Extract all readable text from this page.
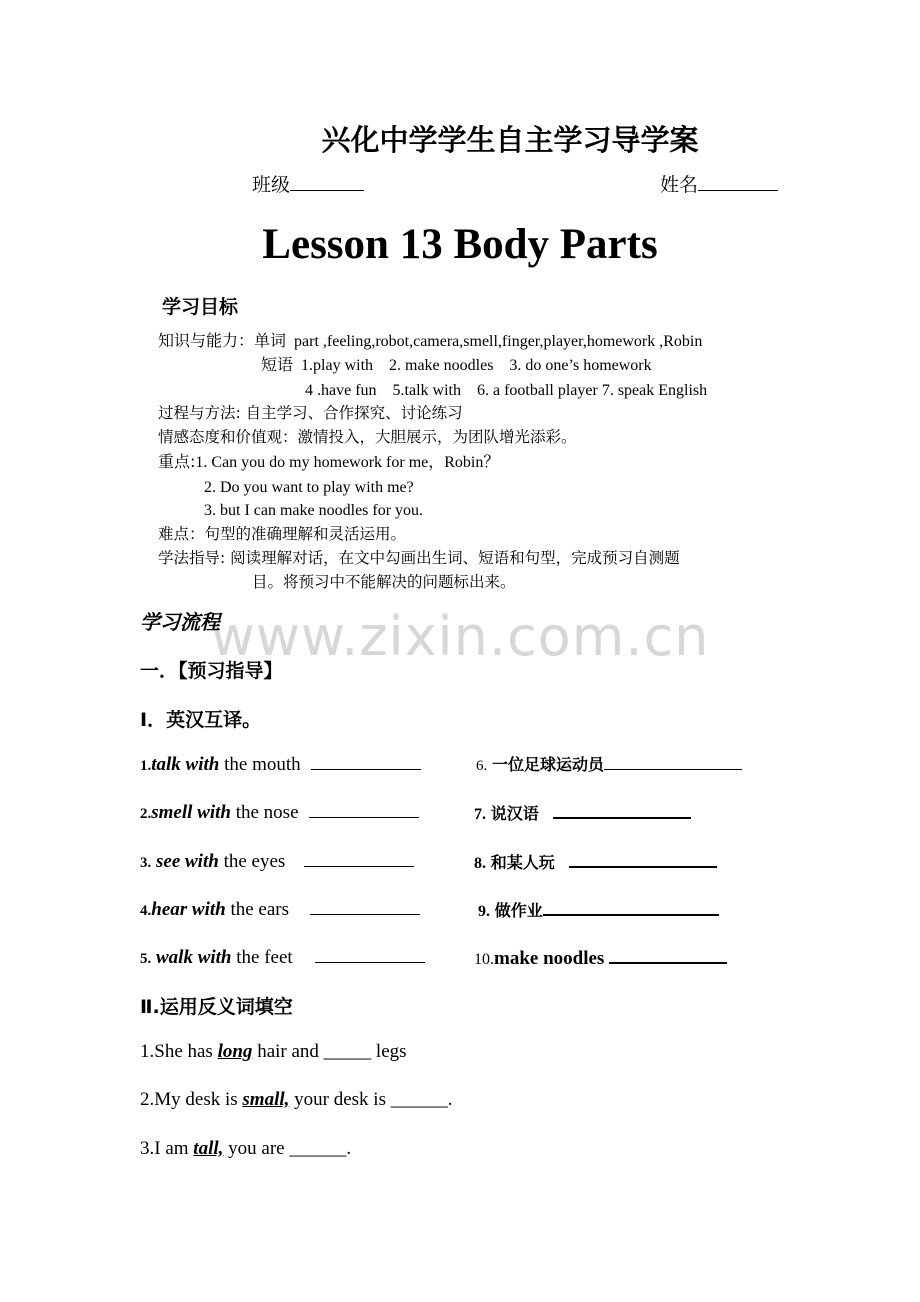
兴化中学学生自主学习导学案
班级	姓名
Lesson 13 Body Parts
学习目标
知识与能力：单词 part ,feeling,robot,camera,smell,finger,player,homework ,Robin
短语 1.play with    2. make noodles    3. do one’s homework
4 .have fun    5.talk with    6. a football player 7. speak English
过程与方法: 自主学习、合作探究、讨论练习
情感态度和价值观：激情投入，大胆展示，为团队增光添彩。
重点:1. Can you do my homework for me，Robin？
2. Do you want to play with me?
3. but I can make noodles for you.
难点：句型的准确理解和灵活运用。
学法指导: 阅读理解对话，在文中勾画出生词、短语和句型，完成预习自测题
目。将预习中不能解决的问题标出来。
www.zixin.com.cn
学习流程
一．【预习指导】
I．英汉互译。
1.talk with the mouth
2.smell with the nose
3. see with the eyes
4.hear with the ears
5. walk with the feet
6. 一位足球运动员
7. 说汉语
8. 和某人玩
9. 做作业
10.make noodles
Ⅱ.运用反义词填空
1.She has long hair and _____ legs
2.My desk is small, your desk is ______.
3.I am tall, you are ______.
